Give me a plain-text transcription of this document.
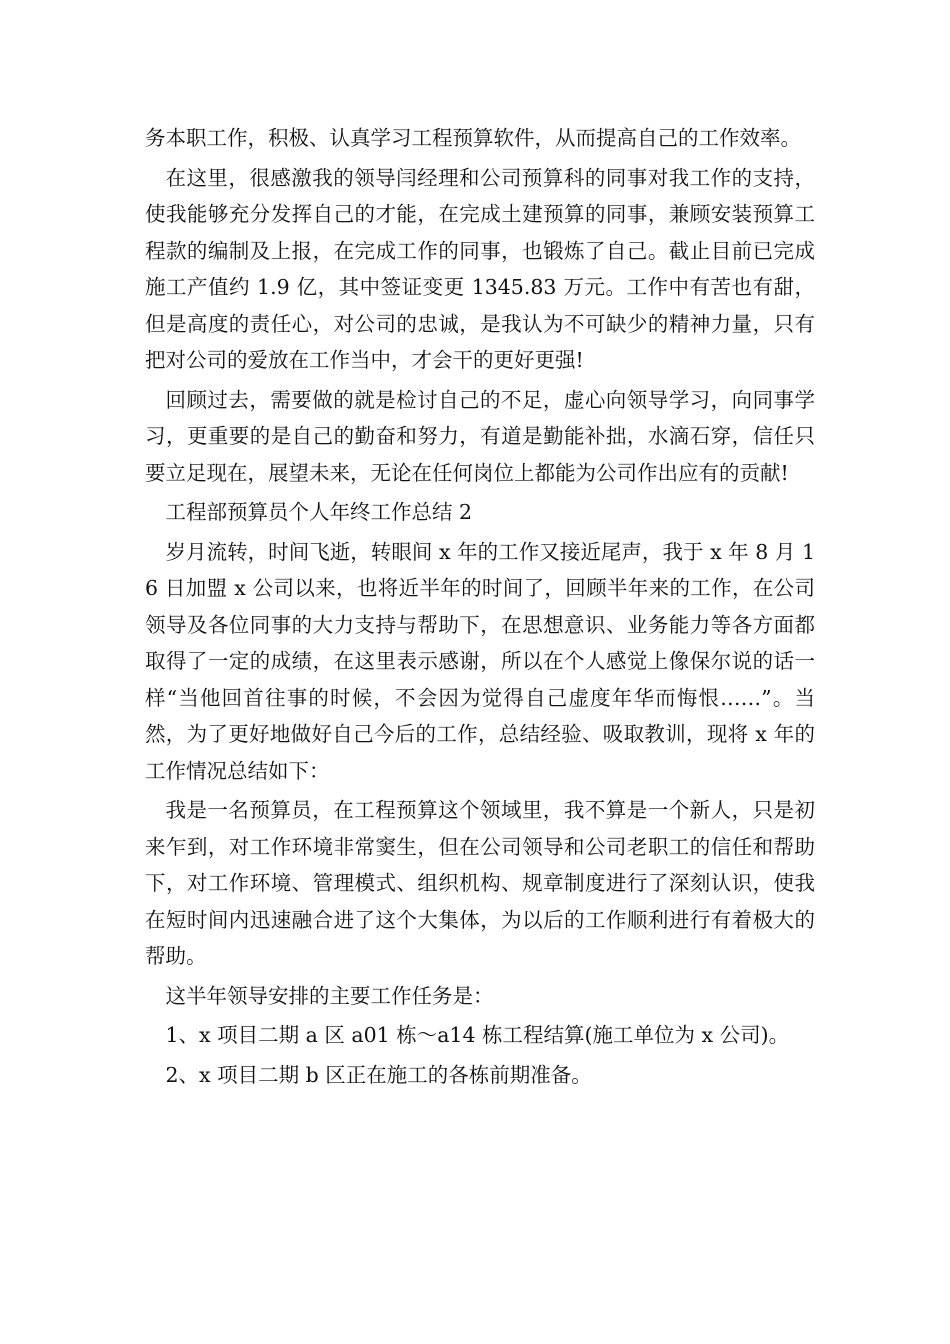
务本职工作，积极、认真学习工程预算软件，从而提高自己的工作效率。

在这里，很感激我的领导闫经理和公司预算科的同事对我工作的支持，使我能够充分发挥自己的才能，在完成土建预算的同事，兼顾安装预算工程款的编制及上报，在完成工作的同事，也锻炼了自己。截止目前已完成施工产值约 1.9 亿，其中签证变更 1345.83 万元。工作中有苦也有甜，但是高度的责任心，对公司的忠诚，是我认为不可缺少的精神力量，只有把对公司的爱放在工作当中，才会干的更好更强!

回顾过去，需要做的就是检讨自己的不足，虚心向领导学习，向同事学习，更重要的是自己的勤奋和努力，有道是勤能补拙，水滴石穿，信任只要立足现在，展望未来，无论在任何岗位上都能为公司作出应有的贡献!

工程部预算员个人年终工作总结 2

岁月流转，时间飞逝，转眼间 x 年的工作又接近尾声，我于 x 年 8 月 16 日加盟 x 公司以来，也将近半年的时间了，回顾半年来的工作，在公司领导及各位同事的大力支持与帮助下，在思想意识、业务能力等各方面都取得了一定的成绩，在这里表示感谢，所以在个人感觉上像保尔说的话一样“当他回首往事的时候，不会因为觉得自己虚度年华而悔恨……”。当然，为了更好地做好自己今后的工作，总结经验、吸取教训，现将 x 年的工作情况总结如下：

我是一名预算员，在工程预算这个领域里，我不算是一个新人，只是初来乍到，对工作环境非常窦生，但在公司领导和公司老职工的信任和帮助下，对工作环境、管理模式、组织机构、规章制度进行了深刻认识，使我在短时间内迅速融合进了这个大集体，为以后的工作顺利进行有着极大的帮助。

这半年领导安排的主要工作任务是：

1、x 项目二期 a 区 a01 栋～a14 栋工程结算(施工单位为 x 公司)。

2、x 项目二期 b 区正在施工的各栋前期准备。
